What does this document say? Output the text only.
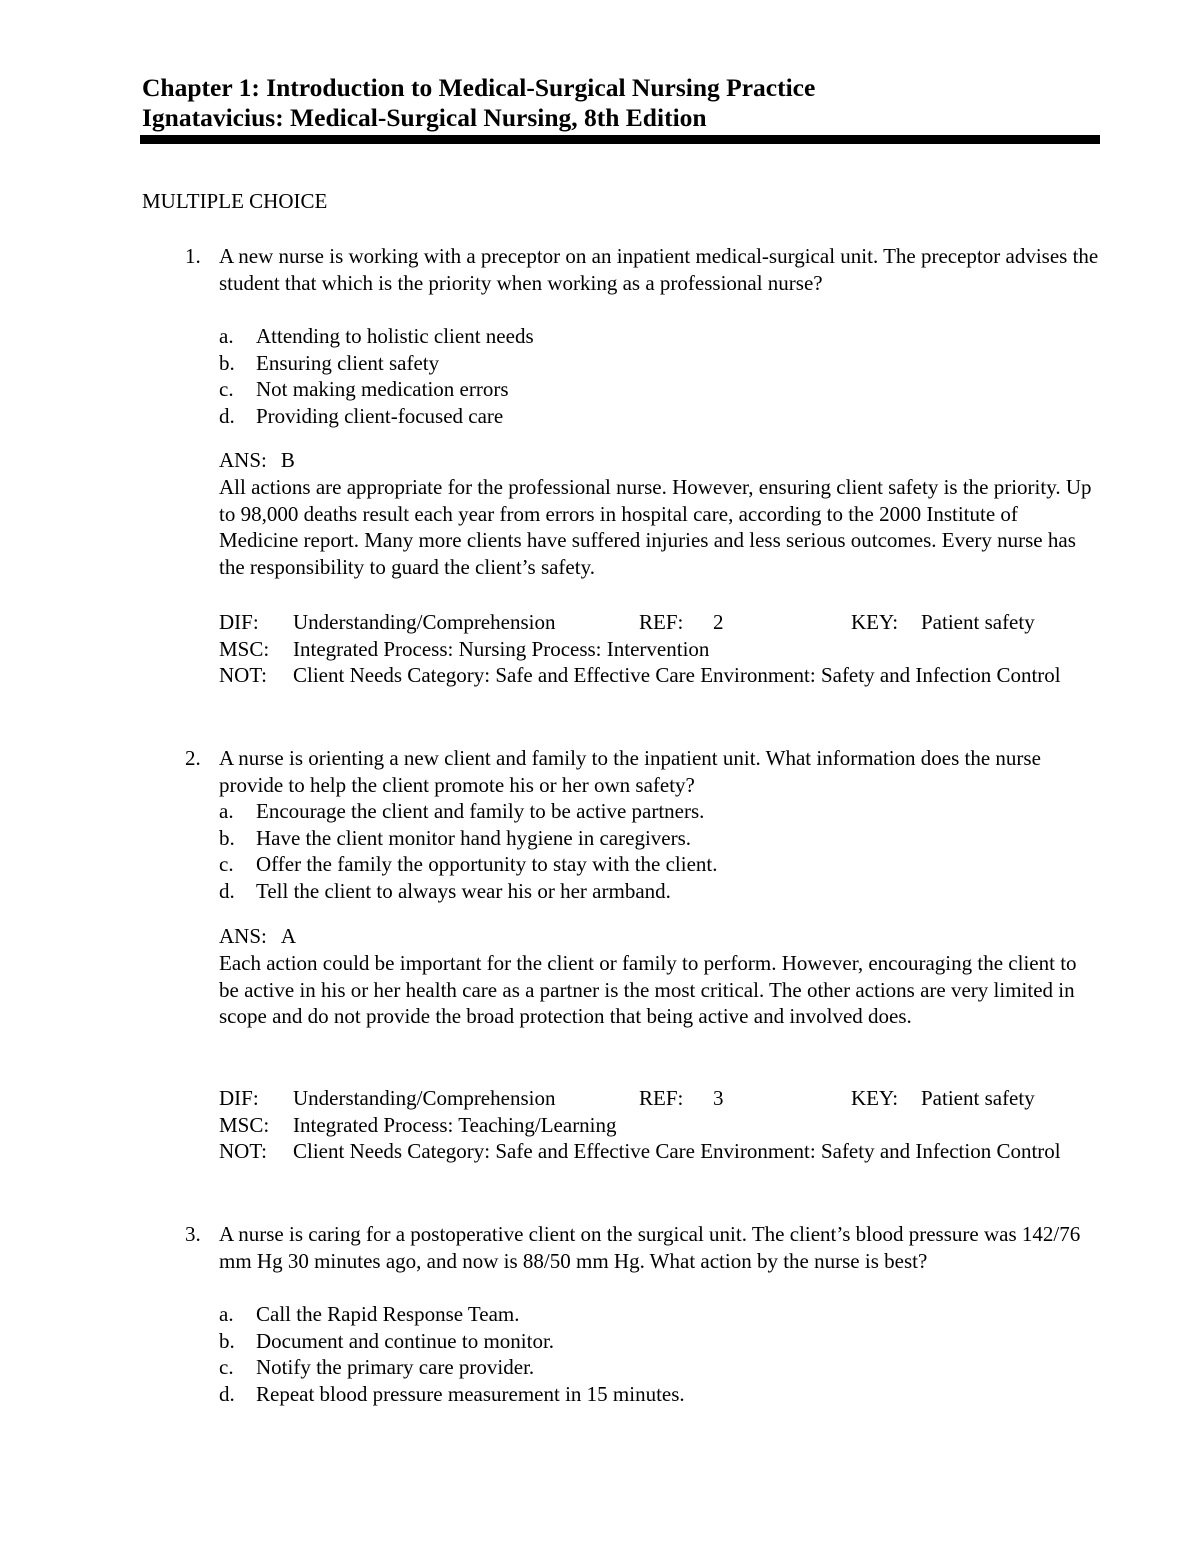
Chapter 1: Introduction to Medical-Surgical Nursing Practice
Ignatavicius: Medical-Surgical Nursing, 8th Edition
MULTIPLE CHOICE
1. A new nurse is working with a preceptor on an inpatient medical-surgical unit. The preceptor advises the student that which is the priority when working as a professional nurse?
a. Attending to holistic client needs
b. Ensuring client safety
c. Not making medication errors
d. Providing client-focused care
ANS: B
All actions are appropriate for the professional nurse. However, ensuring client safety is the priority. Up to 98,000 deaths result each year from errors in hospital care, according to the 2000 Institute of Medicine report. Many more clients have suffered injuries and less serious outcomes. Every nurse has the responsibility to guard the client’s safety.
DIF: Understanding/Comprehension	REF: 2	KEY: Patient safety
MSC: Integrated Process: Nursing Process: Intervention
NOT:	Client Needs Category: Safe and Effective Care Environment: Safety and Infection Control
2. A nurse is orienting a new client and family to the inpatient unit. What information does the nurse provide to help the client promote his or her own safety?
a. Encourage the client and family to be active partners.
b. Have the client monitor hand hygiene in caregivers.
c. Offer the family the opportunity to stay with the client.
d. Tell the client to always wear his or her armband.
ANS: A
Each action could be important for the client or family to perform. However, encouraging the client to be active in his or her health care as a partner is the most critical. The other actions are very limited in scope and do not provide the broad protection that being active and involved does.
DIF: Understanding/Comprehension	REF: 3	KEY: Patient safety
MSC: Integrated Process: Teaching/Learning
NOT:	Client Needs Category: Safe and Effective Care Environment: Safety and Infection Control
3. A nurse is caring for a postoperative client on the surgical unit. The client’s blood pressure was 142/76 mm Hg 30 minutes ago, and now is 88/50 mm Hg. What action by the nurse is best?
a. Call the Rapid Response Team.
b. Document and continue to monitor.
c. Notify the primary care provider.
d. Repeat blood pressure measurement in 15 minutes.
